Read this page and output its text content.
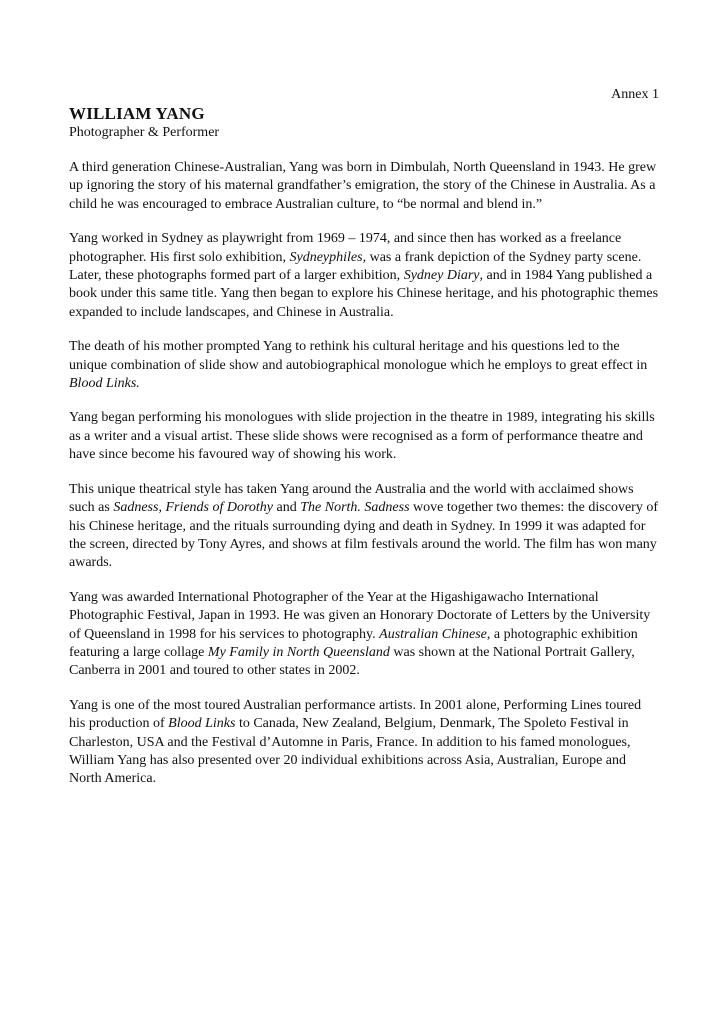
Annex 1

WILLIAM YANG

Photographer & Performer

A third generation Chinese-Australian, Yang was born in Dimbulah, North Queensland in 1943. He grew up ignoring the story of his maternal grandfather’s emigration, the story of the Chinese in Australia. As a child he was encouraged to embrace Australian culture, to “be normal and blend in.”

Yang worked in Sydney as playwright from 1969 – 1974, and since then has worked as a freelance photographer. His first solo exhibition, Sydneyphiles, was a frank depiction of the Sydney party scene. Later, these photographs formed part of a larger exhibition, Sydney Diary, and in 1984 Yang published a book under this same title. Yang then began to explore his Chinese heritage, and his photographic themes expanded to include landscapes, and Chinese in Australia.

The death of his mother prompted Yang to rethink his cultural heritage and his questions led to the unique combination of slide show and autobiographical monologue which he employs to great effect in Blood Links.

Yang began performing his monologues with slide projection in the theatre in 1989, integrating his skills as a writer and a visual artist. These slide shows were recognised as a form of performance theatre and have since become his favoured way of showing his work.

This unique theatrical style has taken Yang around the Australia and the world with acclaimed shows such as Sadness, Friends of Dorothy and The North. Sadness wove together two themes: the discovery of his Chinese heritage, and the rituals surrounding dying and death in Sydney. In 1999 it was adapted for the screen, directed by Tony Ayres, and shows at film festivals around the world. The film has won many awards.

Yang was awarded International Photographer of the Year at the Higashigawacho International Photographic Festival, Japan in 1993. He was given an Honorary Doctorate of Letters by the University of Queensland in 1998 for his services to photography. Australian Chinese, a photographic exhibition featuring a large collage My Family in North Queensland was shown at the National Portrait Gallery, Canberra in 2001 and toured to other states in 2002.

Yang is one of the most toured Australian performance artists. In 2001 alone, Performing Lines toured his production of Blood Links to Canada, New Zealand, Belgium, Denmark, The Spoleto Festival in Charleston, USA and the Festival d’Automne in Paris, France. In addition to his famed monologues, William Yang has also presented over 20 individual exhibitions across Asia, Australian, Europe and North America.
